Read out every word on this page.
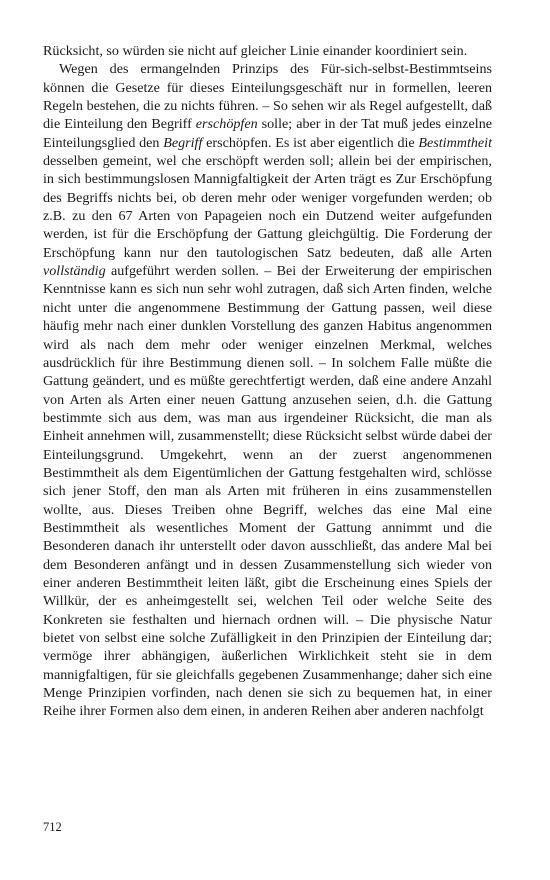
Rücksicht, so würden sie nicht auf gleicher Linie einander koordiniert sein.

Wegen des ermangelnden Prinzips des Für-sich-selbst-Bestimmtseins können die Gesetze für dieses Einteilungsgeschäft nur in formellen, leeren Regeln bestehen, die zu nichts führen. – So sehen wir als Regel aufgestellt, daß die Einteilung den Begriff erschöpfen solle; aber in der Tat muß jedes einzelne Einteilungsglied den Begriff erschöpfen. Es ist aber eigentlich die Bestimmtheit desselben gemeint, wel che erschöpft werden soll; allein bei der empirischen, in sich bestimmungslosen Mannigfaltigkeit der Arten trägt es Zur Erschöpfung des Begriffs nichts bei, ob deren mehr oder weniger vorgefunden werden; ob z.B. zu den 67 Arten von Papageien noch ein Dutzend weiter aufgefunden werden, ist für die Erschöpfung der Gattung gleichgültig. Die Forderung der Erschöpfung kann nur den tautologischen Satz bedeuten, daß alle Arten vollständig aufgeführt werden sollen. – Bei der Erweiterung der empirischen Kenntnisse kann es sich nun sehr wohl zutragen, daß sich Arten finden, welche nicht unter die angenommene Bestimmung der Gattung passen, weil diese häufig mehr nach einer dunklen Vorstellung des ganzen Habitus angenommen wird als nach dem mehr oder weniger einzelnen Merkmal, welches ausdrücklich für ihre Bestimmung dienen soll. – In solchem Falle müßte die Gattung geändert, und es müßte gerechtfertigt werden, daß eine andere Anzahl von Arten als Arten einer neuen Gattung anzusehen seien, d.h. die Gattung bestimmte sich aus dem, was man aus irgendeiner Rücksicht, die man als Einheit annehmen will, zusammenstellt; diese Rücksicht selbst würde dabei der Einteilungsgrund. Umgekehrt, wenn an der zuerst angenommenen Bestimmtheit als dem Eigentümlichen der Gattung festgehalten wird, schlösse sich jener Stoff, den man als Arten mit früheren in eins zusammenstellen wollte, aus. Dieses Treiben ohne Begriff, welches das eine Mal eine Bestimmtheit als wesentliches Moment der Gattung annimmt und die Besonderen danach ihr unterstellt oder davon ausschließt, das andere Mal bei dem Besonderen anfängt und in dessen Zusammenstellung sich wieder von einer anderen Bestimmtheit leiten läßt, gibt die Erscheinung eines Spiels der Willkür, der es anheimgestellt sei, welchen Teil oder welche Seite des Konkreten sie festhalten und hiernach ordnen will. – Die physische Natur bietet von selbst eine solche Zufälligkeit in den Prinzipien der Einteilung dar; vermöge ihrer abhängigen, äußerlichen Wirklichkeit steht sie in dem mannigfaltigen, für sie gleichfalls gegebenen Zusammenhange; daher sich eine Menge Prinzipien vorfinden, nach denen sie sich zu bequemen hat, in einer Reihe ihrer Formen also dem einen, in anderen Reihen aber anderen nachfolgt

712
